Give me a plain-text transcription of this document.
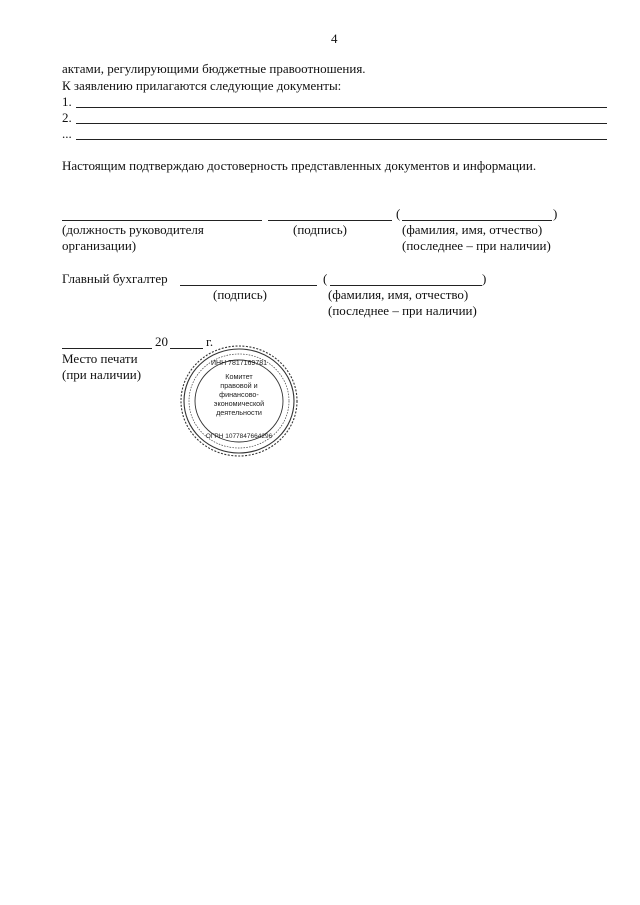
4
актами, регулирующими бюджетные правоотношения.
К заявлению прилагаются следующие документы:
1.
2.
...
Настоящим подтверждаю достоверность представленных документов и информации.
(	)
(должность руководителя
организации)
(подпись)	(фамилия, имя, отчество)
(последнее – при наличии)
Главный бухгалтер	(	)
(подпись)	(фамилия, имя, отчество)
(последнее – при наличии)
20	г.
Место печати
(при наличии)
ИНН 7817169781
Комитет
правовой и
финансово-
экономической
деятельности
ОГРН 1077847664296
